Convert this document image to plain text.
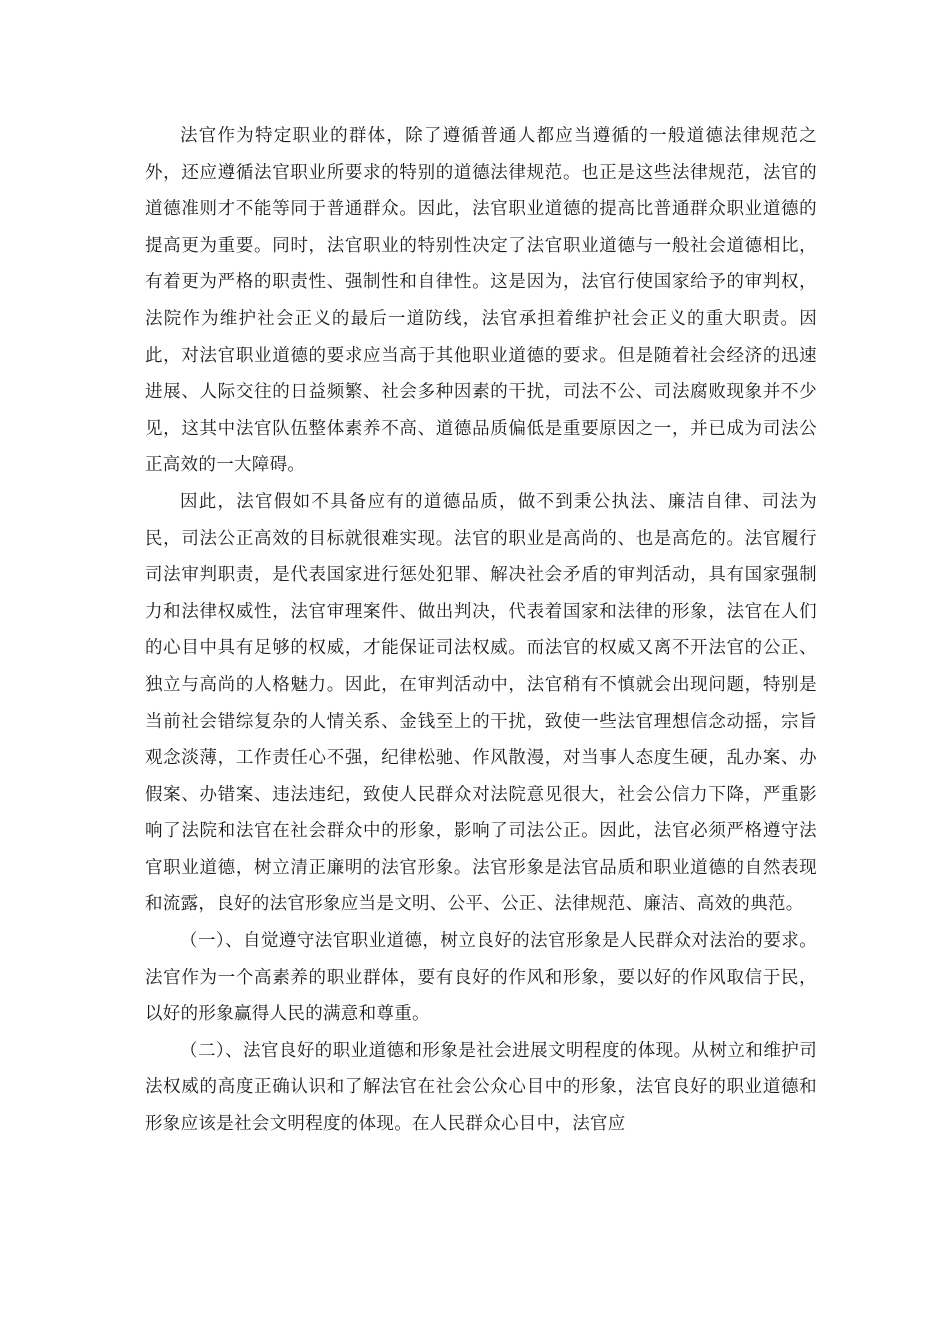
法官作为特定职业的群体，除了遵循普通人都应当遵循的一般道德法律规范之外，还应遵循法官职业所要求的特别的道德法律规范。也正是这些法律规范，法官的道德准则才不能等同于普通群众。因此，法官职业道德的提高比普通群众职业道德的提高更为重要。同时，法官职业的特别性决定了法官职业道德与一般社会道德相比，有着更为严格的职责性、强制性和自律性。这是因为，法官行使国家给予的审判权，法院作为维护社会正义的最后一道防线，法官承担着维护社会正义的重大职责。因此，对法官职业道德的要求应当高于其他职业道德的要求。但是随着社会经济的迅速进展、人际交往的日益频繁、社会多种因素的干扰，司法不公、司法腐败现象并不少见，这其中法官队伍整体素养不高、道德品质偏低是重要原因之一，并已成为司法公正高效的一大障碍。

因此，法官假如不具备应有的道德品质，做不到秉公执法、廉洁自律、司法为民，司法公正高效的目标就很难实现。法官的职业是高尚的、也是高危的。法官履行司法审判职责，是代表国家进行惩处犯罪、解决社会矛盾的审判活动，具有国家强制力和法律权威性，法官审理案件、做出判决，代表着国家和法律的形象，法官在人们的心目中具有足够的权威，才能保证司法权威。而法官的权威又离不开法官的公正、独立与高尚的人格魅力。因此，在审判活动中，法官稍有不慎就会出现问题，特别是当前社会错综复杂的人情关系、金钱至上的干扰，致使一些法官理想信念动摇，宗旨观念淡薄，工作责任心不强，纪律松驰、作风散漫，对当事人态度生硬，乱办案、办假案、办错案、违法违纪，致使人民群众对法院意见很大，社会公信力下降，严重影响了法院和法官在社会群众中的形象，影响了司法公正。因此，法官必须严格遵守法官职业道德，树立清正廉明的法官形象。法官形象是法官品质和职业道德的自然表现和流露，良好的法官形象应当是文明、公平、公正、法律规范、廉洁、高效的典范。

（一）、自觉遵守法官职业道德，树立良好的法官形象是人民群众对法治的要求。法官作为一个高素养的职业群体，要有良好的作风和形象，要以好的作风取信于民，以好的形象赢得人民的满意和尊重。

（二）、法官良好的职业道德和形象是社会进展文明程度的体现。从树立和维护司法权威的高度正确认识和了解法官在社会公众心目中的形象，法官良好的职业道德和形象应该是社会文明程度的体现。在人民群众心目中，法官应
